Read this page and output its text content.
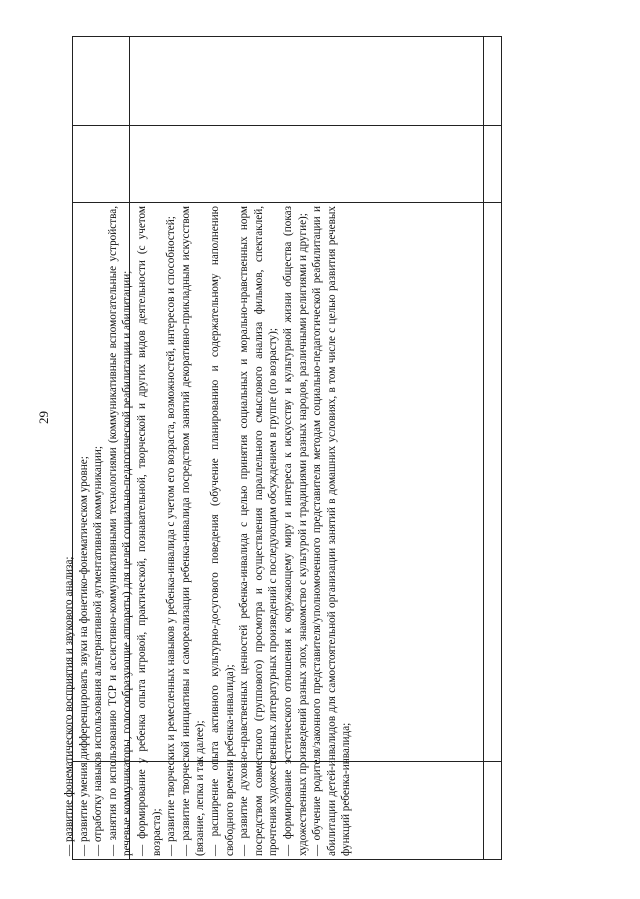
29

— развитие фонематического восприятия и звукового анализа; — развитие умения дифференцировать звуки на фонетико-фонематическом уровне; — отработку навыков использования альтернативной аугментативной коммуникации; — занятия по использованию ТСР и ассистивно-коммуникативными технологиями (коммуникативные вспомогательные устройства, речевые коммуникаторы, голосообразующие аппараты) для целей социально-педагогической реабилитации и абилитации; — формирование у ребенка опыта игровой, практической, познавательной, творческой и других видов деятельности (с учетом возраста); — развитие творческих и ремесленных навыков у ребенка-инвалида с учетом его возраста, возможностей, интересов и способностей; — развитие творческой инициативы и самореализации ребенка-инвалида посредством занятий декоративно-прикладным искусством (вязание, лепка и так далее); — расширение опыта активного культурно-досугового поведения (обучение планированию и содержательному наполнению свободного времени ребенка-инвалида); — развитие духовно-нравственных ценностей ребенка-инвалида с целью принятия социальных и морально-нравственных норм посредством совместного (группового) просмотра и осуществления параллельного смыслового анализа фильмов, спектаклей, прочтения художественных литературных произведений с последующим обсуждением в группе (по возрасту); — формирование эстетического отношения к окружающему миру и интереса к искусству и культурной жизни общества (показ художественных произведений разных эпох, знакомство с культурой и традициями разных народов, различными религиями и другие); — обучение родителя/законного представителя/уполномоченного представителя методам социально-педагогической реабилитации и абилитации детей-инвалидов для самостоятельной организации занятий в домашних условиях, в том числе с целью развития речевых функций ребенка-инвалида;
